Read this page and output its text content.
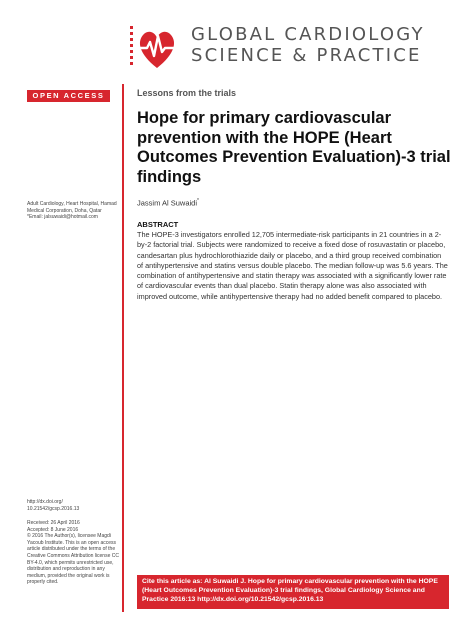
GLOBAL CARDIOLOGY
SCIENCE & PRACTICE
OPEN ACCESS	Lessons from the trials
Hope for primary cardiovascular prevention with the HOPE (Heart Outcomes Prevention Evaluation)-3 trial findings
Jassim Al Suwaidi*
ABSTRACT
The HOPE-3 investigators enrolled 12,705 intermediate-risk participants in 21 countries in a 2-by-2 factorial trial. Subjects were randomized to receive a fixed dose of rosuvastatin or placebo, candesartan plus hydrochlorothiazide daily or placebo, and a third group received combination of antihypertensive and statins versus double placebo. The median follow-up was 5.6 years. The combination of antihypertensive and statin therapy was associated with a significantly lower rate of cardiovascular events than dual placebo. Statin therapy alone was also associated with improved outcome, while antihypertensive therapy had no added benefit compared to placebo.
Adult Cardiology, Heart Hospital, Hamad Medical Corporation, Doha, Qatar
*Email: jalsuwaidi@hotmail.com
http://dx.doi.org/
10.21542/gcsp.2016.13
Received: 26 April 2016
Accepted: 8 June 2016
© 2016 The Author(s), licensee Magdi Yacoub Institute. This is an open access article distributed under the terms of the Creative Commons Attribution license CC BY-4.0, which permits unrestricted use, distribution and reproduction in any medium, provided the original work is properly cited.	Cite this article as: Al Suwaidi J. Hope for primary cardiovascular prevention with the HOPE (Heart Outcomes Prevention Evaluation)-3 trial findings, Global Cardiology Science and Practice 2016:13 http://dx.doi.org/10.21542/gcsp.2016.13
